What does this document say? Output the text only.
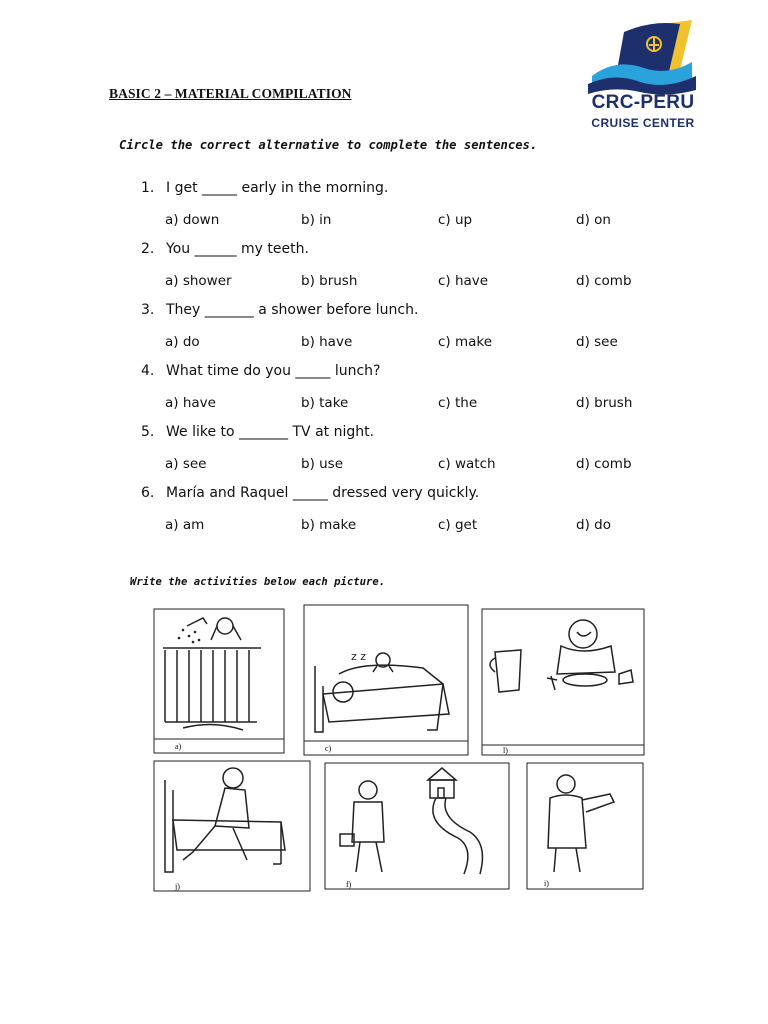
BASIC 2 – MATERIAL COMPILATION	CRC-PERU
CRUISE CENTER
Circle the correct alternative to complete the sentences.
1. I get _____ early in the morning.
a) down	b) in	c) up	d) on
2. You ______ my teeth.
a) shower	b) brush	c) have	d) comb
3. They _______ a shower before lunch.
a) do	b) have	c) make	d) see
4. What time do you _____ lunch?
a) have	b) take	c) the	d) brush
5. We like to _______ TV at night.
a) see	b) use	c) watch	d) comb
6. María and Raquel _____ dressed very quickly.
a) am	b) make	c) get	d) do
Write the activities below each picture.
a)
z z
c)	l)
j)	f)	i)
